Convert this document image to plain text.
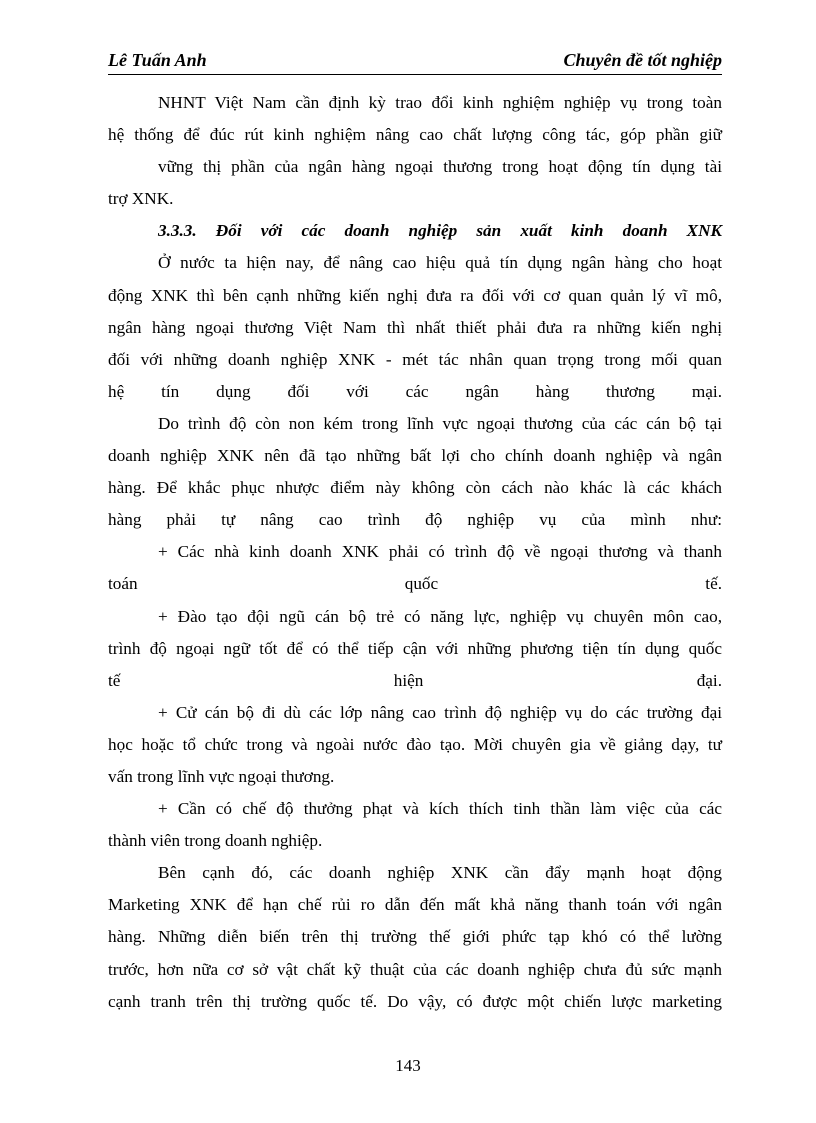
Lê Tuấn Anh	Chuyên đề tốt nghiệp
NHNT Việt Nam cần định kỳ trao đổi kinh nghiệm nghiệp vụ trong toàn
hệ thống để đúc rút kinh nghiệm nâng cao chất lượng công tác, góp phần giữ
vững thị phần của ngân hàng ngoại thương trong hoạt động tín dụng tài
trợ XNK.
3.3.3. Đối với các doanh nghiệp sản xuất kinh doanh XNK
Ở nước ta hiện nay, để nâng cao hiệu quả tín dụng ngân hàng cho hoạt
động XNK thì bên cạnh những kiến nghị đưa ra đối với cơ quan quản lý vĩ mô,
ngân hàng ngoại thương Việt Nam thì nhất thiết phải đưa ra những kiến nghị
đối với những doanh nghiệp XNK - mét tác nhân quan trọng trong mối quan
hệ tín dụng đối với các ngân hàng thương mại.
Do trình độ còn non kém trong lĩnh vực ngoại thương của các cán bộ tại
doanh nghiệp XNK nên đã tạo những bất lợi cho chính doanh nghiệp và ngân
hàng. Để khắc phục nhược điểm này không còn cách nào khác là các khách
hàng phải tự nâng cao trình độ nghiệp vụ của mình như:
+ Các nhà kinh doanh XNK phải có trình độ về ngoại thương và thanh
toán quốc tế.
+ Đào tạo đội ngũ cán bộ trẻ có năng lực, nghiệp vụ chuyên môn cao,
trình độ ngoại ngữ tốt để có thể tiếp cận với những phương tiện tín dụng quốc
tế hiện đại.
+ Cử cán bộ đi dù các lớp nâng cao trình độ nghiệp vụ do các trường đại
học hoặc tổ chức trong và ngoài nước đào tạo. Mời chuyên gia về giảng dạy, tư
vấn trong lĩnh vực ngoại thương.
+ Cần có chế độ thưởng phạt và kích thích tinh thần làm việc của các
thành viên trong doanh nghiệp.
Bên cạnh đó, các doanh nghiệp XNK cần đẩy mạnh hoạt động
Marketing XNK để hạn chế rủi ro dẫn đến mất khả năng thanh toán với ngân
hàng. Những diễn biến trên thị trường thế giới phức tạp khó có thể lường
trước, hơn nữa cơ sở vật chất kỹ thuật của các doanh nghiệp chưa đủ sức mạnh
cạnh tranh trên thị trường quốc tế. Do vậy, có được một chiến lược marketing
143
